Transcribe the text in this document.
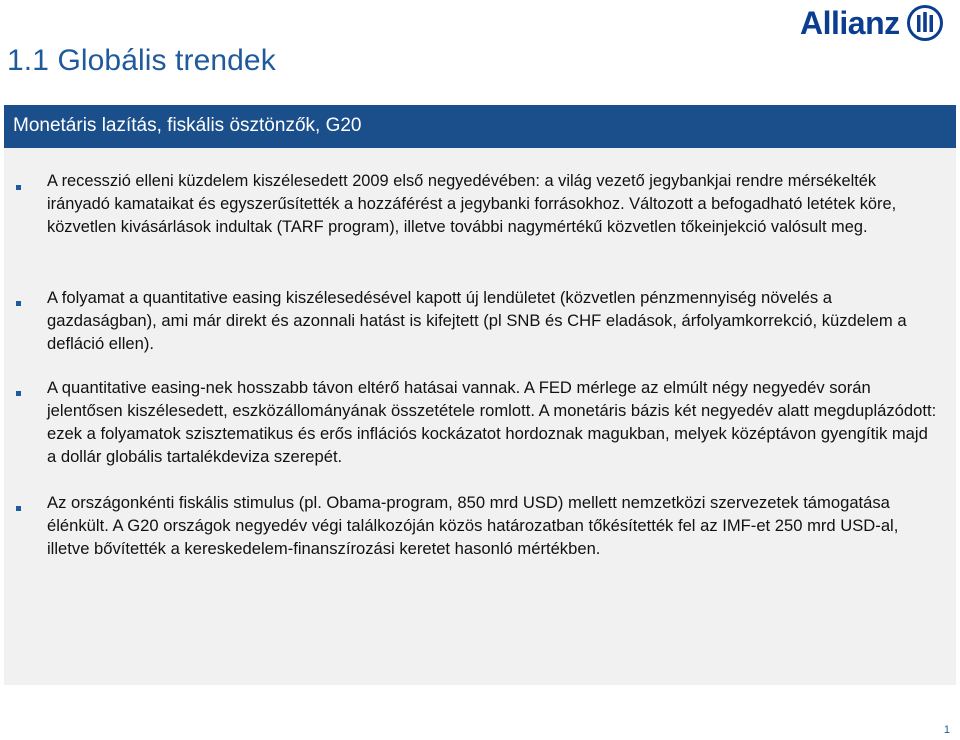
1.1 Globális trendek
Allianz
Monetáris lazítás, fiskális ösztönzők, G20
A recesszió elleni küzdelem kiszélesedett 2009 első negyedévében: a világ vezető jegybankjai rendre mérsékelték irányadó kamataikat és egyszerűsítették a hozzáférést a jegybanki forrásokhoz. Változott a befogadható letétek köre, közvetlen kivásárlások indultak (TARF program), illetve további nagymértékű közvetlen tőkeinjekció valósult meg.
A folyamat a quantitative easing kiszélesedésével kapott új lendületet (közvetlen pénzmennyiség növelés a gazdaságban), ami már direkt és azonnali hatást is kifejtett (pl SNB és CHF eladások, árfolyamkorrekció, küzdelem a defláció ellen).
A quantitative easing-nek hosszabb távon eltérő hatásai vannak. A FED mérlege az elmúlt négy negyedév során jelentősen kiszélesedett, eszközállományának összetétele romlott. A monetáris bázis két negyedév alatt megduplázódott: ezek a folyamatok szisztematikus és erős inflációs kockázatot hordoznak magukban, melyek középtávon gyengítik majd a dollár globális tartalékdeviza szerepét.
Az országonkénti fiskális stimulus (pl. Obama-program, 850 mrd USD) mellett nemzetközi szervezetek támogatása élénkült. A G20 országok negyedév végi találkozóján közös határozatban tőkésítették fel az IMF-et 250 mrd USD-al, illetve bővítették a kereskedelem-finanszírozási keretet hasonló mértékben.
1
